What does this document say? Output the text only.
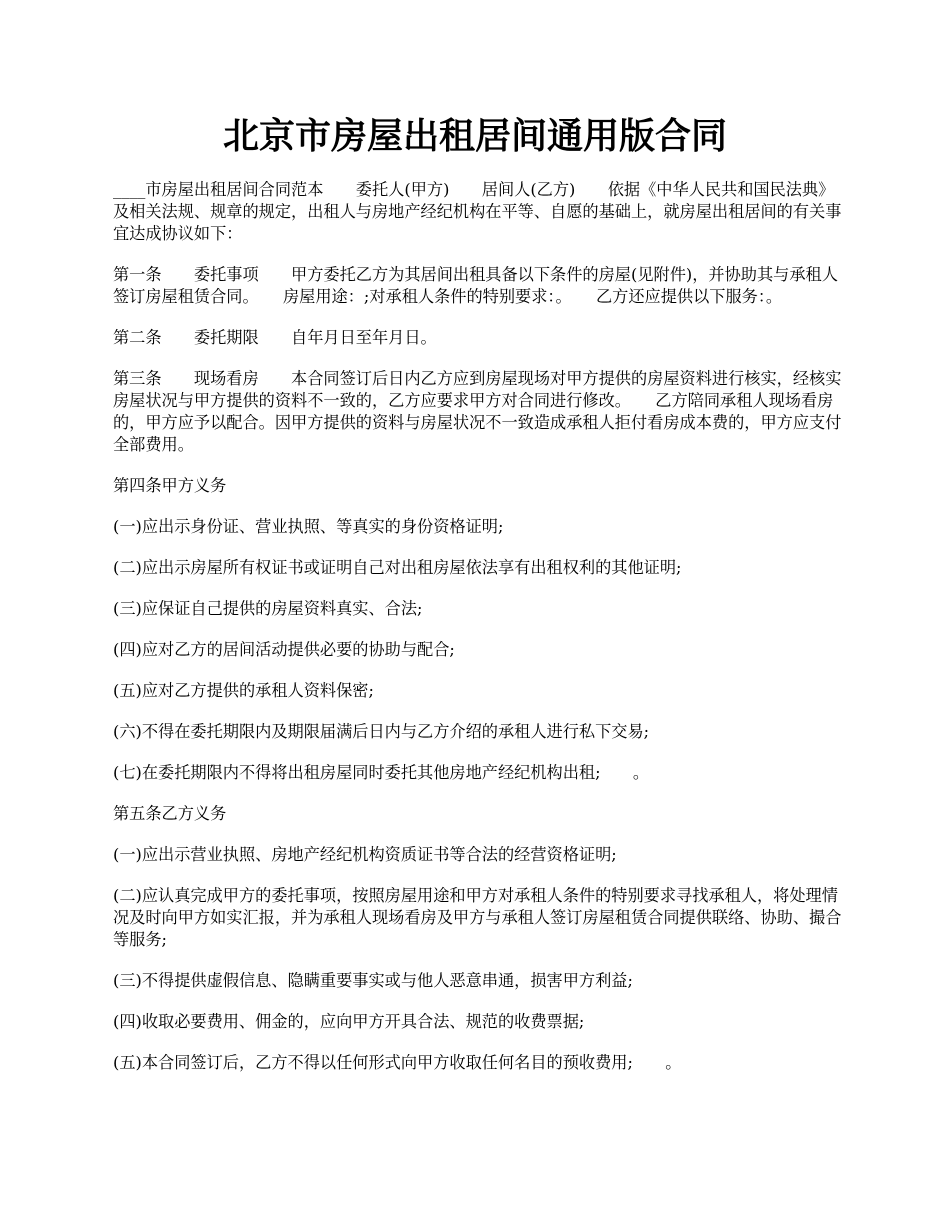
北京市房屋出租居间通用版合同

____市房屋出租居间合同范本　　委托人(甲方)　　居间人(乙方)　　依据《中华人民共和国民法典》及相关法规、规章的规定，出租人与房地产经纪机构在平等、自愿的基础上，就房屋出租居间的有关事宜达成协议如下：

第一条　　委托事项　　甲方委托乙方为其居间出租具备以下条件的房屋(见附件)，并协助其与承租人签订房屋租赁合同。　　房屋用途：;对承租人条件的特别要求：。　　乙方还应提供以下服务：。

第二条　　委托期限　　自年月日至年月日。

第三条　　现场看房　　本合同签订后日内乙方应到房屋现场对甲方提供的房屋资料进行核实，经核实房屋状况与甲方提供的资料不一致的，乙方应要求甲方对合同进行修改。　　乙方陪同承租人现场看房的，甲方应予以配合。因甲方提供的资料与房屋状况不一致造成承租人拒付看房成本费的，甲方应支付全部费用。

第四条甲方义务

(一)应出示身份证、营业执照、等真实的身份资格证明;

(二)应出示房屋所有权证书或证明自己对出租房屋依法享有出租权利的其他证明;

(三)应保证自己提供的房屋资料真实、合法;

(四)应对乙方的居间活动提供必要的协助与配合;

(五)应对乙方提供的承租人资料保密;

(六)不得在委托期限内及期限届满后日内与乙方介绍的承租人进行私下交易;

(七)在委托期限内不得将出租房屋同时委托其他房地产经纪机构出租;　　。

第五条乙方义务

(一)应出示营业执照、房地产经纪机构资质证书等合法的经营资格证明;

(二)应认真完成甲方的委托事项，按照房屋用途和甲方对承租人条件的特别要求寻找承租人，将处理情况及时向甲方如实汇报，并为承租人现场看房及甲方与承租人签订房屋租赁合同提供联络、协助、撮合等服务;

(三)不得提供虚假信息、隐瞒重要事实或与他人恶意串通，损害甲方利益;

(四)收取必要费用、佣金的，应向甲方开具合法、规范的收费票据;

(五)本合同签订后，乙方不得以任何形式向甲方收取任何名目的预收费用;　　。
